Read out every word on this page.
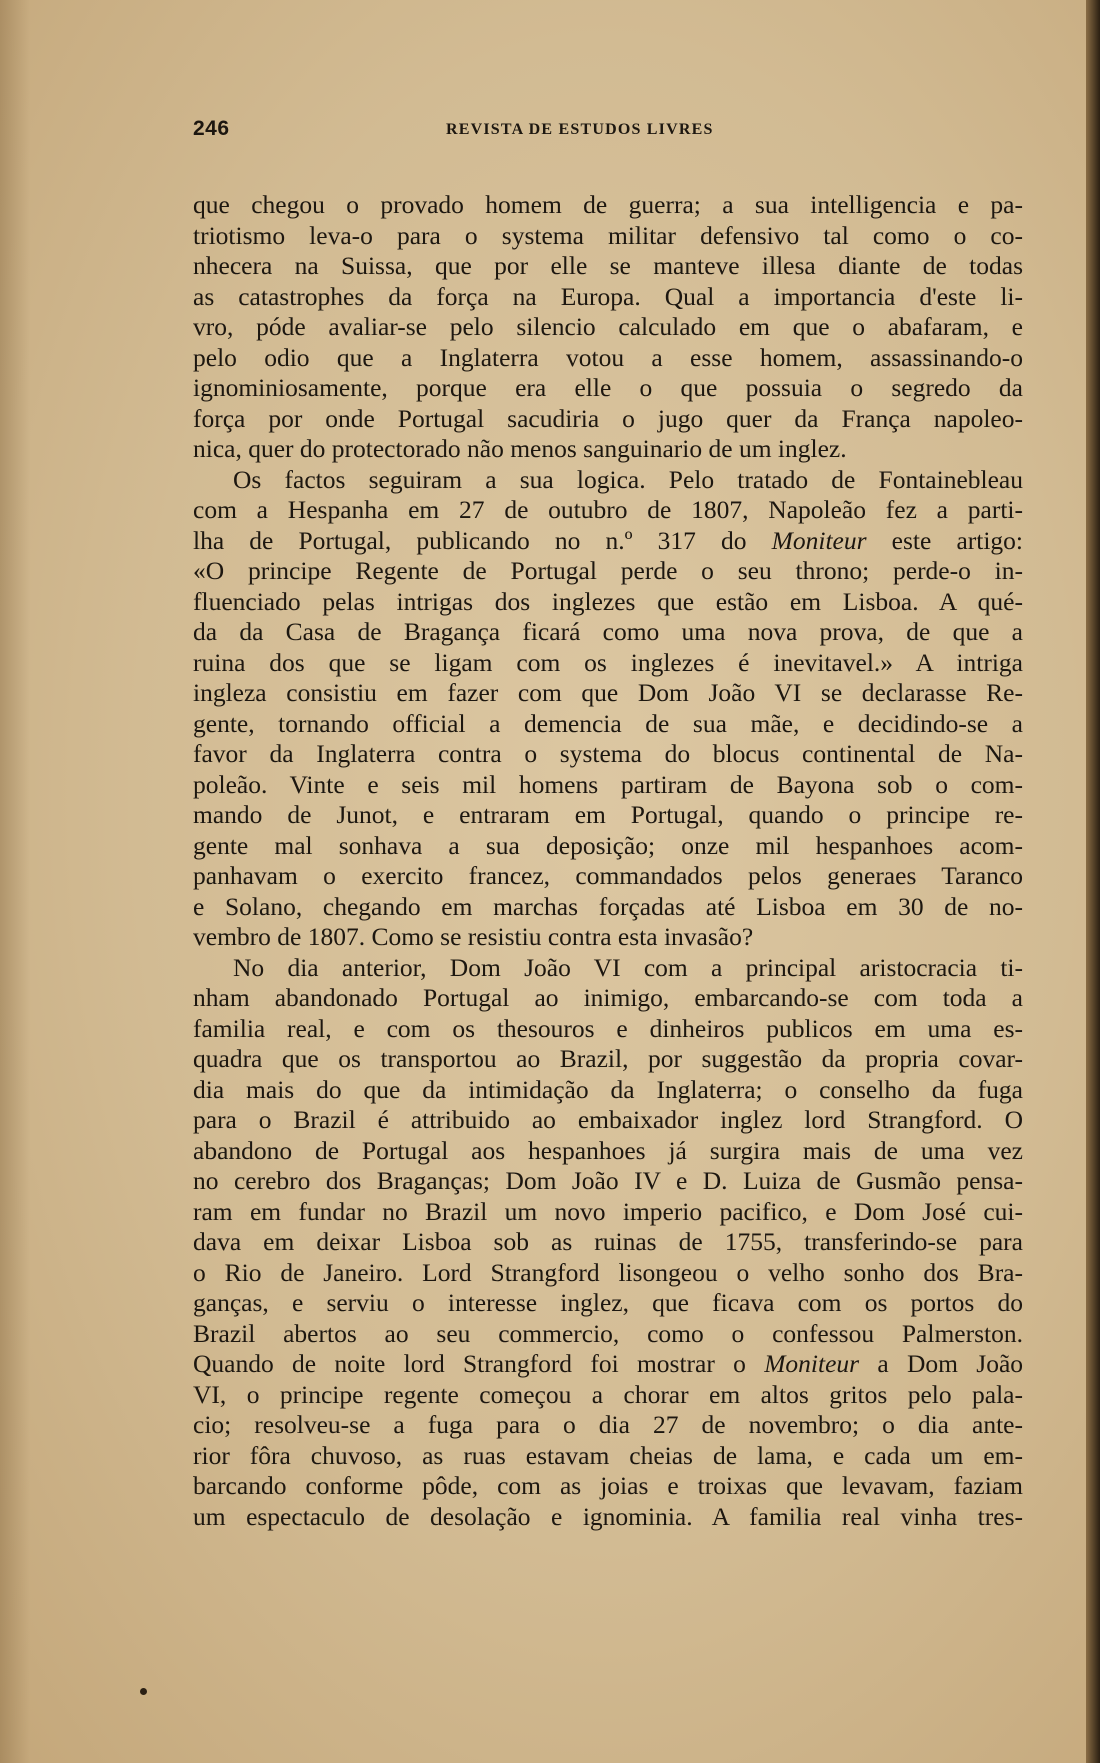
246	REVISTA DE ESTUDOS LIVRES
que chegou o provado homem de guerra; a sua intelligencia e pa-
triotismo leva-o para o systema militar defensivo tal como o co-
nhecera na Suissa, que por elle se manteve illesa diante de todas
as catastrophes da força na Europa. Qual a importancia d'este li-
vro, póde avaliar-se pelo silencio calculado em que o abafaram, e
pelo odio que a Inglaterra votou a esse homem, assassinando-o
ignominiosamente, porque era elle o que possuia o segredo da
força por onde Portugal sacudiria o jugo quer da França napoleo-
nica, quer do protectorado não menos sanguinario de um inglez.
Os factos seguiram a sua logica. Pelo tratado de Fontainebleau
com a Hespanha em 27 de outubro de 1807, Napoleão fez a parti-
lha de Portugal, publicando no n.º 317 do Moniteur este artigo:
«O principe Regente de Portugal perde o seu throno; perde-o in-
fluenciado pelas intrigas dos inglezes que estão em Lisboa. A qué-
da da Casa de Bragança ficará como uma nova prova, de que a
ruina dos que se ligam com os inglezes é inevitavel.» A intriga
ingleza consistiu em fazer com que Dom João VI se declarasse Re-
gente, tornando official a demencia de sua mãe, e decidindo-se a
favor da Inglaterra contra o systema do blocus continental de Na-
poleão. Vinte e seis mil homens partiram de Bayona sob o com-
mando de Junot, e entraram em Portugal, quando o principe re-
gente mal sonhava a sua deposição; onze mil hespanhoes acom-
panhavam o exercito francez, commandados pelos generaes Taranco
e Solano, chegando em marchas forçadas até Lisboa em 30 de no-
vembro de 1807. Como se resistiu contra esta invasão?
No dia anterior, Dom João VI com a principal aristocracia ti-
nham abandonado Portugal ao inimigo, embarcando-se com toda a
familia real, e com os thesouros e dinheiros publicos em uma es-
quadra que os transportou ao Brazil, por suggestão da propria covar-
dia mais do que da intimidação da Inglaterra; o conselho da fuga
para o Brazil é attribuido ao embaixador inglez lord Strangford. O
abandono de Portugal aos hespanhoes já surgira mais de uma vez
no cerebro dos Braganças; Dom João IV e D. Luiza de Gusmão pensa-
ram em fundar no Brazil um novo imperio pacifico, e Dom José cui-
dava em deixar Lisboa sob as ruinas de 1755, transferindo-se para
o Rio de Janeiro. Lord Strangford lisongeou o velho sonho dos Bra-
ganças, e serviu o interesse inglez, que ficava com os portos do
Brazil abertos ao seu commercio, como o confessou Palmerston.
Quando de noite lord Strangford foi mostrar o Moniteur a Dom João
VI, o principe regente começou a chorar em altos gritos pelo pala-
cio; resolveu-se a fuga para o dia 27 de novembro; o dia ante-
rior fôra chuvoso, as ruas estavam cheias de lama, e cada um em-
barcando conforme pôde, com as joias e troixas que levavam, faziam
um espectaculo de desolação e ignominia. A familia real vinha tres-
